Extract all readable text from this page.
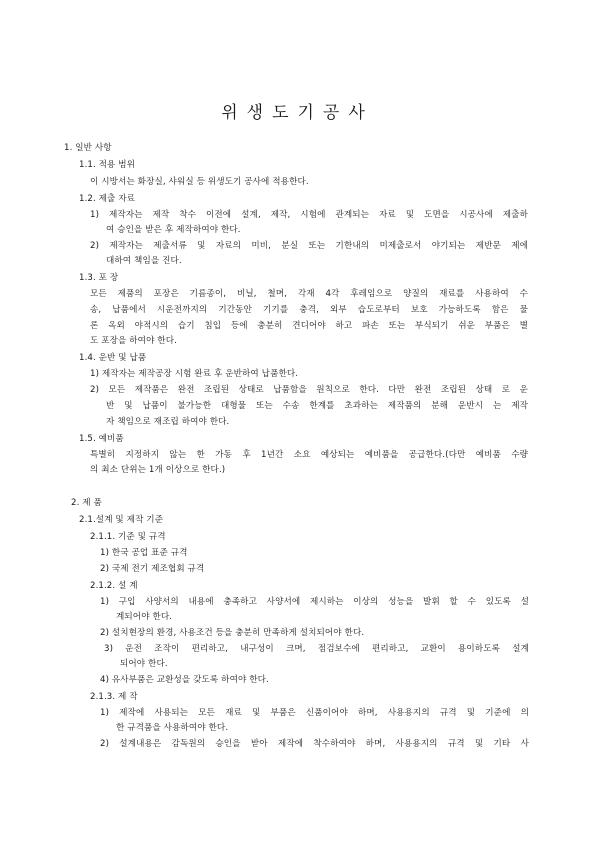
위생도기공사
1. 일반 사항
1.1. 적용 범위
이 시방서는 화장실, 샤워실 등 위생도기 공사에 적용한다.
1.2. 제출 자료
1) 제작자는 제작 착수 이전에 설계, 제작, 시험에 관계되는 자료 및 도면을 시공사에 제출하
여 승인을 받은 후 제작하여야 한다.
2) 제작자는 제출서류 및 자료의 미비, 분실 또는 기한내의 미제출로서 야기되는 제반문 제에
대하여 책임을 진다.
1.3. 포 장
모든 제품의 포장은 기름종이, 비닐, 철며, 각재 4각 후레임으로 양질의 재료를 사용하여 수
송, 납품에서 시운전까지의 기간동안 기기를 충격, 외부 습도로부터 보호 가능하도록 함은 물
론 옥외 야적시의 습기 침입 등에 충분히 견디어야 하고 파손 또는 부식되기 쉬운 부품은 별
도 포장을 하여야 한다.
1.4. 운반 및 납품
1) 제작자는 제작공장 시험 완료 후 운반하여 납품한다.
2) 모든 제작품은 완전 조립된 상태로 납품함을 원칙으로 한다. 다만 완전 조립된 상태 로 운
반 및 납품이 불가능한 대형물 또는 수송 한계를 초과하는 제작품의 분해 운반시 는 제작
자 책임으로 재조립 하여야 한다.
1.5. 예비품
특별히 지정하지 않는 한 가동 후 1년간 소요 예상되는 예비품을 공급한다.(다만 예비품 수량
의 최소 단위는 1개 이상으로 한다.)
2. 제 품
2.1.설계 및 제작 기준
2.1.1. 기준 및 규격
1) 한국 공업 표준 규격
2) 국제 전기 제조협회 규격
2.1.2. 설 계
1) 구입 사양서의 내용에 충족하고 사양서에 제시하는 이상의 성능을 발휘 할 수 있도록 설
계되어야 한다.
2) 설치현장의 환경, 사용조건 등을 충분히 만족하게 설치되어야 한다.
3) 운전 조작이 편리하고, 내구성이 크며, 점검보수에 편리하고, 교환이 용이하도록 설계
되어야 한다.
4) 유사부품은 교환성을 갖도록 하여야 한다.
2.1.3. 제 작
1) 제작에 사용되는 모든 재료 및 부품은 신품이어야 하며, 사용용지의 규격 및 기준에 의
한 규격품을 사용하여야 한다.
2) 설계내용은 감독원의 승인을 받아 제작에 착수하여야 하며, 사용용지의 규격 및 기타 사
